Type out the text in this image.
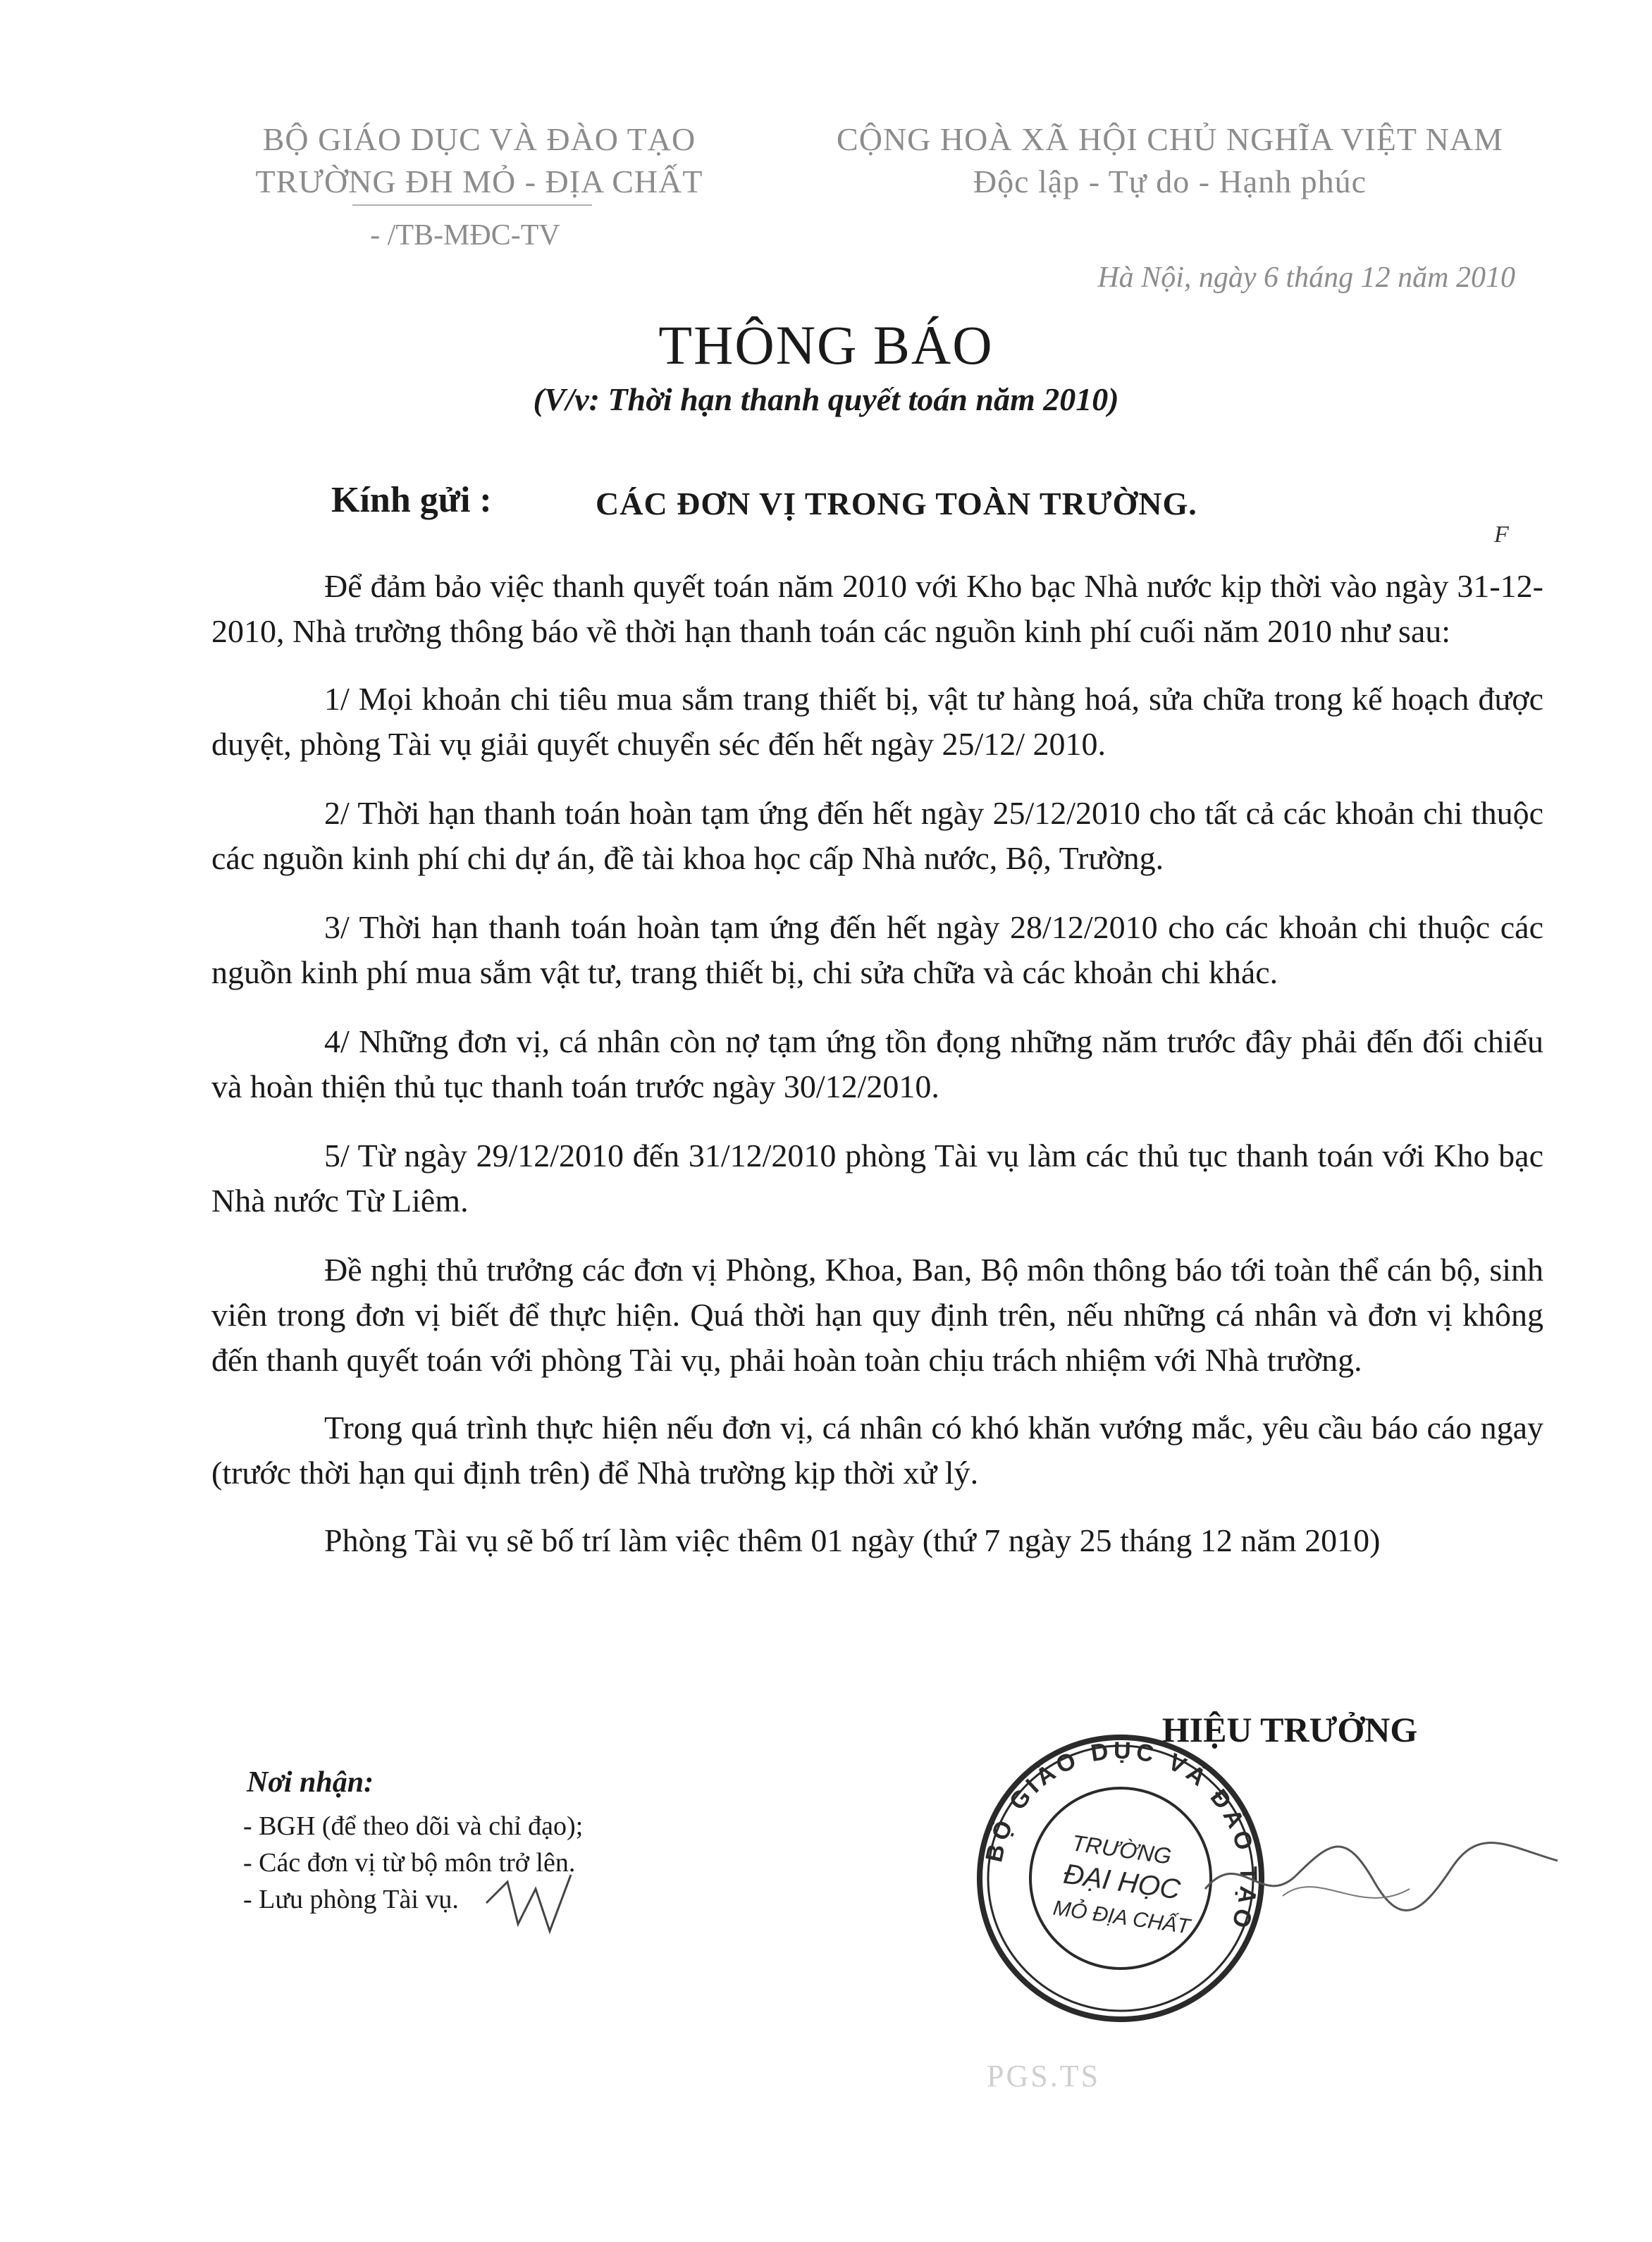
BỘ GIÁO DỤC VÀ ĐÀO TẠO
TRƯỜNG ĐH MỎ - ĐỊA CHẤT
- /TB-MĐC-TV
CỘNG HOÀ XÃ HỘI CHỦ NGHĨA VIỆT NAM
Độc lập - Tự do - Hạnh phúc
Hà Nội, ngày 6 tháng 12 năm 2010
THÔNG BÁO
(V/v: Thời hạn thanh quyết toán năm 2010)
Kính gửi :	CÁC ĐƠN VỊ TRONG TOÀN TRƯỜNG.
F

Để đảm bảo việc thanh quyết toán năm 2010 với Kho bạc Nhà nước kịp thời vào ngày 31-12-2010, Nhà trường thông báo về thời hạn thanh toán các nguồn kinh phí cuối năm 2010 như sau:

1/ Mọi khoản chi tiêu mua sắm trang thiết bị, vật tư hàng hoá, sửa chữa trong kế hoạch được duyệt, phòng Tài vụ giải quyết chuyển séc đến hết ngày 25/12/ 2010.

2/ Thời hạn thanh toán hoàn tạm ứng đến hết ngày 25/12/2010 cho tất cả các khoản chi thuộc các nguồn kinh phí chi dự án, đề tài khoa học cấp Nhà nước, Bộ, Trường.

3/ Thời hạn thanh toán hoàn tạm ứng đến hết ngày 28/12/2010 cho các khoản chi thuộc các nguồn kinh phí mua sắm vật tư, trang thiết bị, chi sửa chữa và các khoản chi khác.

4/ Những đơn vị, cá nhân còn nợ tạm ứng tồn đọng những năm trước đây phải đến đối chiếu và hoàn thiện thủ tục thanh toán trước ngày 30/12/2010.

5/ Từ ngày 29/12/2010 đến 31/12/2010 phòng Tài vụ làm các thủ tục thanh toán với Kho bạc Nhà nước Từ Liêm.

Đề nghị thủ trưởng các đơn vị Phòng, Khoa, Ban, Bộ môn thông báo tới toàn thể cán bộ, sinh viên trong đơn vị biết để thực hiện. Quá thời hạn quy định trên, nếu những cá nhân và đơn vị không đến thanh quyết toán với phòng Tài vụ, phải hoàn toàn chịu trách nhiệm với Nhà trường.

Trong quá trình thực hiện nếu đơn vị, cá nhân có khó khăn vướng mắc, yêu cầu báo cáo ngay (trước thời hạn qui định trên) để Nhà trường kịp thời xử lý.

Phòng Tài vụ sẽ bố trí làm việc thêm 01 ngày (thứ 7 ngày 25 tháng 12 năm 2010)

HIỆU TRƯỞNG
BỘ GIÁO DỤC VÀ ĐÀO TẠO
TRƯỜNG
ĐẠI HỌC
MỎ ĐỊA CHẤT
Nơi nhận:
- BGH (để theo dõi và chỉ đạo);
- Các đơn vị từ bộ môn trở lên.
- Lưu phòng Tài vụ.
PGS.TS
